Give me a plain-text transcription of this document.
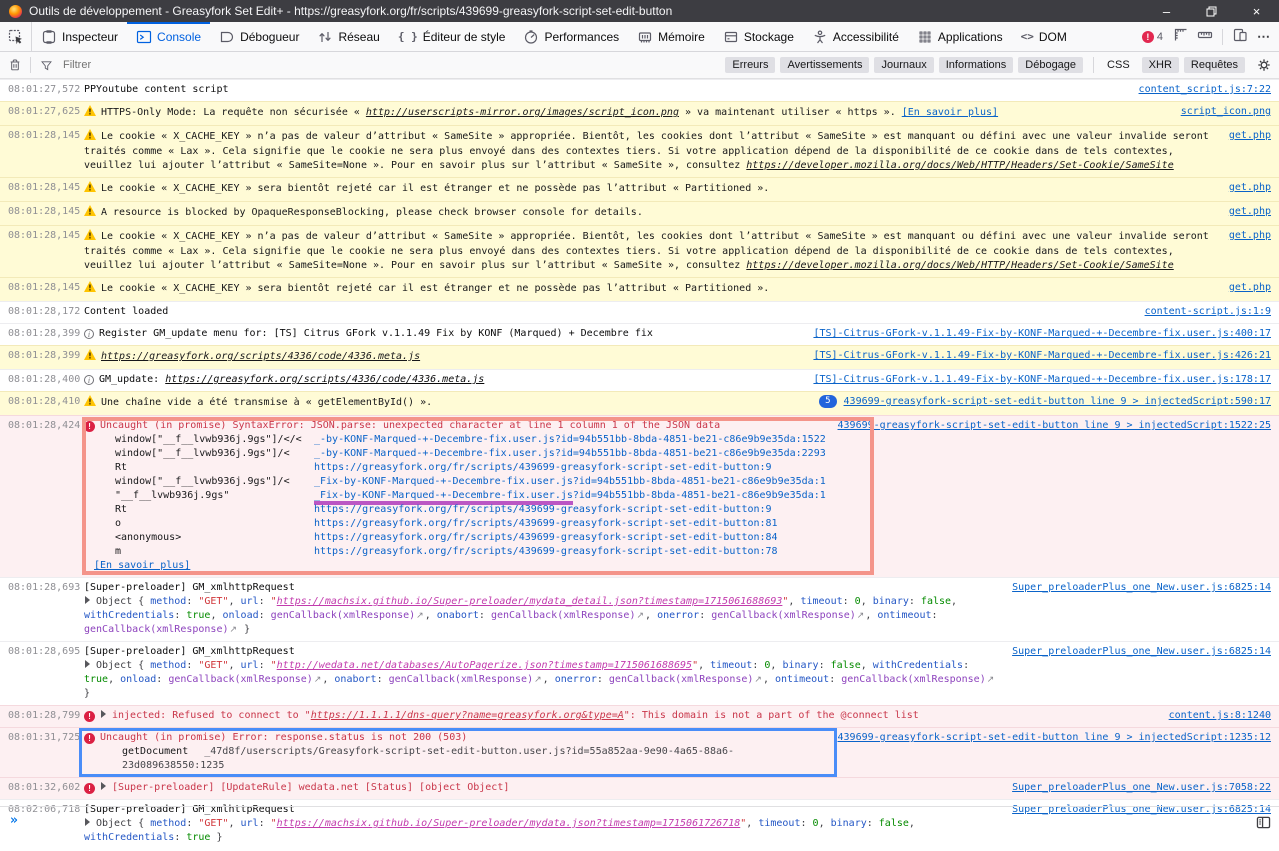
Outils de développement - Greasyfork Set Edit+ - https://greasyfork.org/fr/scripts/439699-greasyfork-script-set-edit-button	–	×
Inspecteur	Console	Débogueur	Réseau { } Éditeur de style	Performances	Mémoire	Stockage	Accessibilité	Applications <> DOM	! 4	⋯
Filtrer
Erreurs	Avertissements	Journaux	Informations	Débogage	CSS	XHR	Requêtes
08:01:27,572 PPYoutube content script	content_script.js:7:22
08:01:27,625 ! HTTPS-Only Mode: La requête non sécurisée « http://userscripts-mirror.org/images/script_icon.png » va maintenant utiliser « https ». [En savoir plus]	script_icon.png
08:01:28,145 ! Le cookie « X_CACHE_KEY » n’a pas de valeur d’attribut « SameSite » appropriée. Bientôt, les cookies dont l’attribut « SameSite » est manquant ou défini avec une valeur invalide seront traités comme « Lax ». Cela signifie que le cookie ne sera plus envoyé dans des contextes tiers. Si votre application dépend de la disponibilité de ce cookie dans de tels contextes, veuillez lui ajouter l’attribut « SameSite=None ». Pour en savoir plus sur l’attribut « SameSite », consultez https://developer.mozilla.org/docs/Web/HTTP/Headers/Set-Cookie/SameSite
get.php
08:01:28,145 ! Le cookie « X_CACHE_KEY » sera bientôt rejeté car il est étranger et ne possède pas l’attribut « Partitioned ».	get.php
08:01:28,145 ! A resource is blocked by OpaqueResponseBlocking, please check browser console for details.	get.php
08:01:28,145 ! Le cookie « X_CACHE_KEY » n’a pas de valeur d’attribut « SameSite » appropriée. Bientôt, les cookies dont l’attribut « SameSite » est manquant ou défini avec une valeur invalide seront traités comme « Lax ». Cela signifie que le cookie ne sera plus envoyé dans des contextes tiers. Si votre application dépend de la disponibilité de ce cookie dans de tels contextes, veuillez lui ajouter l’attribut « SameSite=None ». Pour en savoir plus sur l’attribut « SameSite », consultez https://developer.mozilla.org/docs/Web/HTTP/Headers/Set-Cookie/SameSite
get.php
08:01:28,145 ! Le cookie « X_CACHE_KEY » sera bientôt rejeté car il est étranger et ne possède pas l’attribut « Partitioned ».	get.php
08:01:28,172 Content loaded	content-script.js:1:9
08:01:28,399 i Register GM_update menu for: [TS] Citrus GFork v.1.1.49 Fix by KONF (Marqued) + Decembre fix	[TS]-Citrus-GFork-v.1.1.49-Fix-by-KONF-Marqued-+-Decembre-fix.user.js:400:17
08:01:28,399 ! https://greasyfork.org/scripts/4336/code/4336.meta.js	[TS]-Citrus-GFork-v.1.1.49-Fix-by-KONF-Marqued-+-Decembre-fix.user.js:426:21
08:01:28,400 i GM_update: https://greasyfork.org/scripts/4336/code/4336.meta.js	[TS]-Citrus-GFork-v.1.1.49-Fix-by-KONF-Marqued-+-Decembre-fix.user.js:178:17
08:01:28,410 ! Une chaîne vide a été transmise à « getElementById() ».	5	439699-greasyfork-script-set-edit-button line 9 > injectedScript:590:17
08:01:28,424 ! Uncaught (in promise) SyntaxError: JSON.parse: unexpected character at line 1 column 1 of the JSON data
window["__f__lvwb936j.9gs"]/</<	_-by-KONF-Marqued-+-Decembre-fix.user.js?id=94b551bb-8bda-4851-be21-c86e9b9e35da:1522
window["__f__lvwb936j.9gs"]/<	_-by-KONF-Marqued-+-Decembre-fix.user.js?id=94b551bb-8bda-4851-be21-c86e9b9e35da:2293
Rt	https://greasyfork.org/fr/scripts/439699-greasyfork-script-set-edit-button:9
window["__f__lvwb936j.9gs"]/<	_Fix-by-KONF-Marqued-+-Decembre-fix.user.js?id=94b551bb-8bda-4851-be21-c86e9b9e35da:1
"__f__lvwb936j.9gs"	_Fix-by-KONF-Marqued-+-Decembre-fix.user.js?id=94b551bb-8bda-4851-be21-c86e9b9e35da:1
Rt	https://greasyfork.org/fr/scripts/439699-greasyfork-script-set-edit-button:9
o	https://greasyfork.org/fr/scripts/439699-greasyfork-script-set-edit-button:81
<anonymous>	https://greasyfork.org/fr/scripts/439699-greasyfork-script-set-edit-button:84
m	https://greasyfork.org/fr/scripts/439699-greasyfork-script-set-edit-button:78
[En savoir plus]
439699-greasyfork-script-set-edit-button line 9 > injectedScript:1522:25
08:01:28,693 [Super-preloader] GM_xmlhttpRequest
Object { method: "GET", url: "https://machsix.github.io/Super-preloader/mydata_detail.json?timestamp=1715061688693", timeout: 0, binary: false, withCredentials: true, onload: genCallback(xmlResponse)↗, onabort: genCallback(xmlResponse)↗, onerror: genCallback(xmlResponse)↗, ontimeout: genCallback(xmlResponse)↗ }
Super_preloaderPlus_one_New.user.js:6825:14
08:01:28,695 [Super-preloader] GM_xmlhttpRequest
Object { method: "GET", url: "http://wedata.net/databases/AutoPagerize.json?timestamp=1715061688695", timeout: 0, binary: false, withCredentials: true, onload: genCallback(xmlResponse)↗, onabort: genCallback(xmlResponse)↗, onerror: genCallback(xmlResponse)↗, ontimeout: genCallback(xmlResponse)↗ }
Super_preloaderPlus_one_New.user.js:6825:14
08:01:28,799 ! injected: Refused to connect to "https://1.1.1.1/dns-query?name=greasyfork.org&type=A": This domain is not a part of the @connect list	content.js:8:1240
08:01:31,725 ! Uncaught (in promise) Error: response.status is not 200 (503)
getDocument _47d8f/userscripts/Greasyfork-script-set-edit-button.user.js?id=55a852aa-9e90-4a65-88a6-23d089638550:1235
439699-greasyfork-script-set-edit-button line 9 > injectedScript:1235:12
08:01:32,602 ! [Super-preloader] [UpdateRule] wedata.net [Status] [object Object]	Super_preloaderPlus_one_New.user.js:7058:22
08:02:06,718 [Super-preloader] GM_xmlhttpRequest
Object { method: "GET", url: "https://machsix.github.io/Super-preloader/mydata.json?timestamp=1715061726718", timeout: 0, binary: false, withCredentials: true }
Super_preloaderPlus_one_New.user.js:6825:14
»
